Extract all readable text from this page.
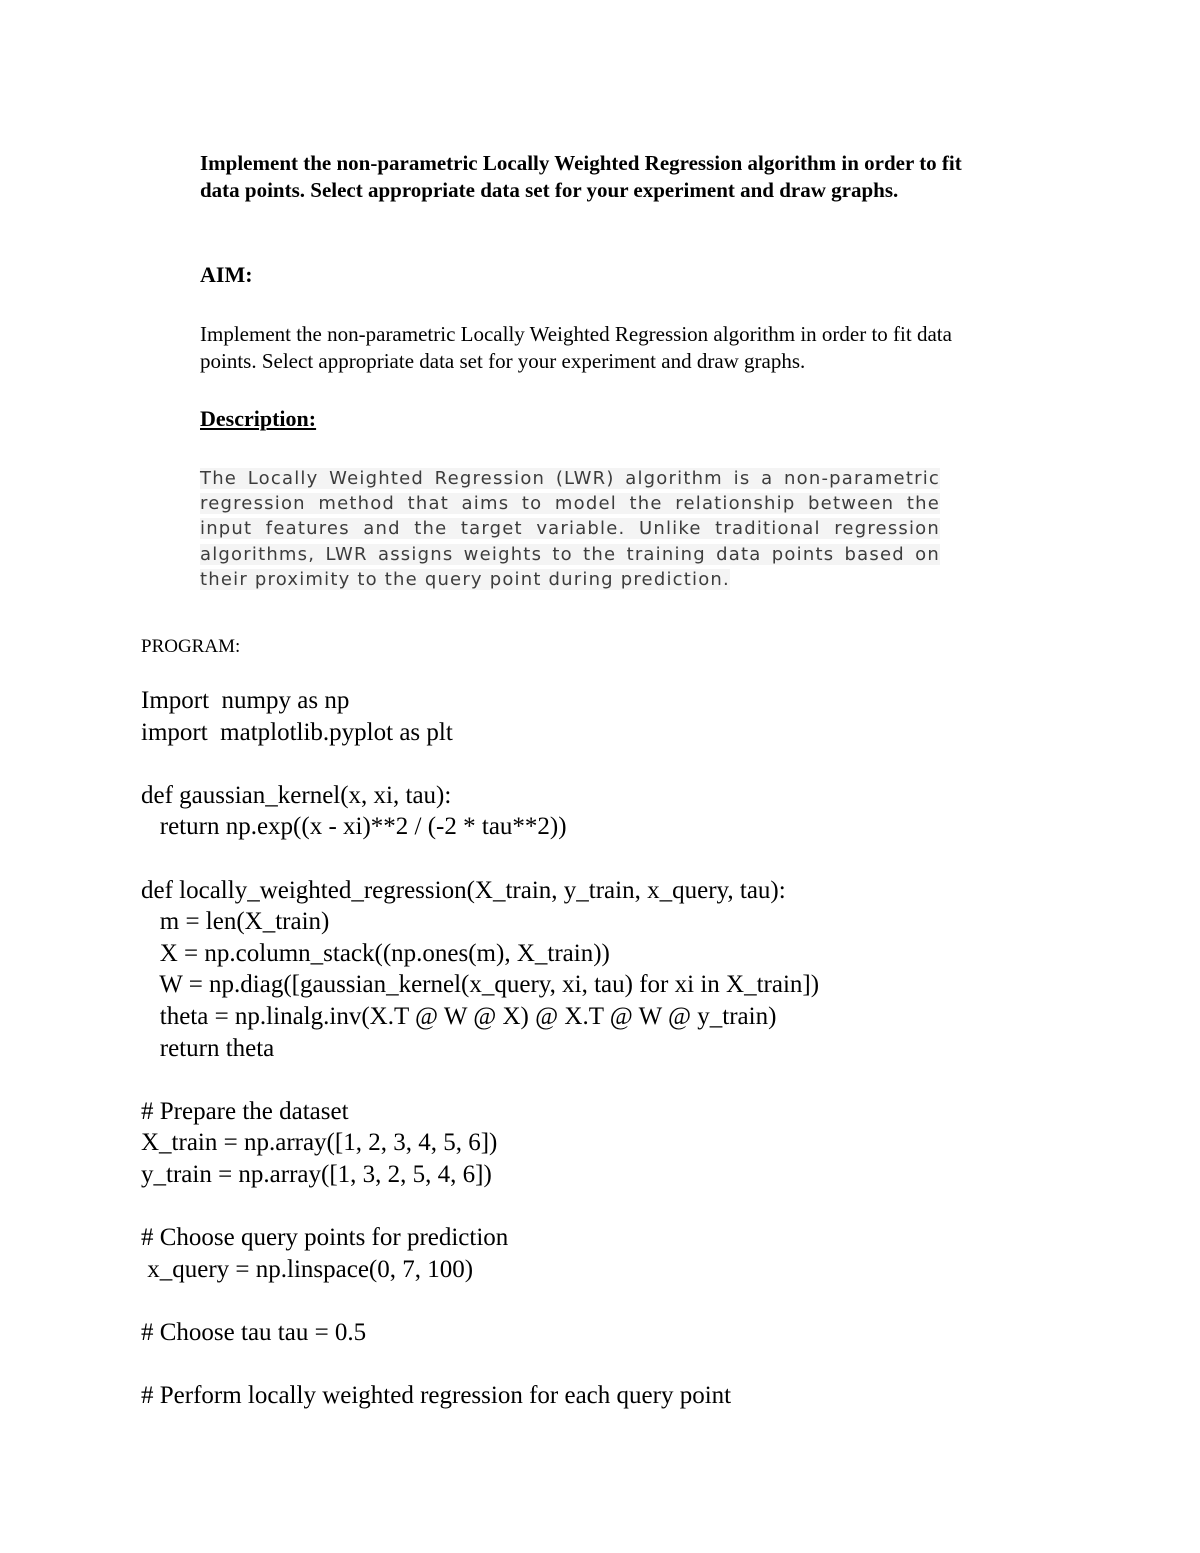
Implement the non-parametric Locally Weighted Regression algorithm in order to fit data points. Select appropriate data set for your experiment and draw graphs.

AIM:

Implement the non-parametric Locally Weighted Regression algorithm in order to fit data points. Select appropriate data set for your experiment and draw graphs.

Description:

The Locally Weighted Regression (LWR) algorithm is a non-parametric regression method that aims to model the relationship between the input features and the target variable. Unlike traditional regression algorithms, LWR assigns weights to the training data points based on their proximity to the query point during prediction.

PROGRAM:

Import  numpy as np
import  matplotlib.pyplot as plt
def gaussian_kernel(x, xi, tau):
return np.exp((x - xi)**2 / (-2 * tau**2))
def locally_weighted_regression(X_train, y_train, x_query, tau):
m = len(X_train)
X = np.column_stack((np.ones(m), X_train))
W = np.diag([gaussian_kernel(x_query, xi, tau) for xi in X_train])
theta = np.linalg.inv(X.T @ W @ X) @ X.T @ W @ y_train)
return theta
# Prepare the dataset
X_train = np.array([1, 2, 3, 4, 5, 6])
y_train = np.array([1, 3, 2, 5, 4, 6])
# Choose query points for prediction
x_query = np.linspace(0, 7, 100)
# Choose tau tau = 0.5
# Perform locally weighted regression for each query point
